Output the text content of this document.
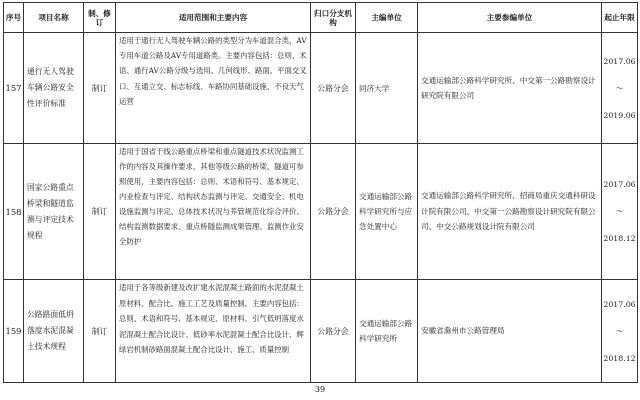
序号	项目名称	制、修订	适用范围和主要内容	归口分支机构	主编单位	主要参编单位	起止年限
157	通行无人驾驶车辆公路安全性评价标准	制订	适用于通行无人驾驶车辆公路的类型分为车道混合类，AV专用车道公路及AV专用道路类。主要内容包括：总则、术语、通行AV公路分级与选用、几何线形、路面、平面交叉口、互通立交、标志标线、车路协同基础设施、不良天气运营	公路分会	同济大学	交通运输部公路科学研究所、中交第一公路勘察设计研究院有限公司	2017.06
～
2019.06

158	国家公路重点桥梁和隧道监测与评定技术规程	制订	适用于国省干线公路重点桥梁和重点隧道技术状况监测工作的内容及其操作要求，其他等级公路的桥梁、隧道可参照使用，主要内容包括：总则、术语和符号、基本规定、内业检查与评定、结构状态监测与评定、交通安全、机电设施监测与评定、总体技术状况与养管规范化综合评价、结构监测数据要求、重点桥隧监测成果管理、监测作业安全防护	公路分会	交通运输部公路科学研究所与应急处置中心	交通运输部公路科学研究所、招商局重庆交通科研设计院有限公司、中交第一公路勘察设计研究院有限公司、中交公路规划设计院有限公司	2017.06
～
2018.12

159	公路路面低坍落度水泥混凝土技术规程	制订	适用于各等级新建及改扩建水泥混凝土路面的水泥混凝土原材料、配合比、施工工艺及质量控制。主要内容包括：总则、术语和符号、基本规定、原材料、引气低坍落度水泥混凝土配合比设计、低砂率水泥混凝土配合比设计、辉绿岩机制砂路面混凝土配合比设计、施工、质量控制	公路分会	交通运输部公路科学研究所	安徽省滁州市公路管理局	2017.06
～
2018.12
39
